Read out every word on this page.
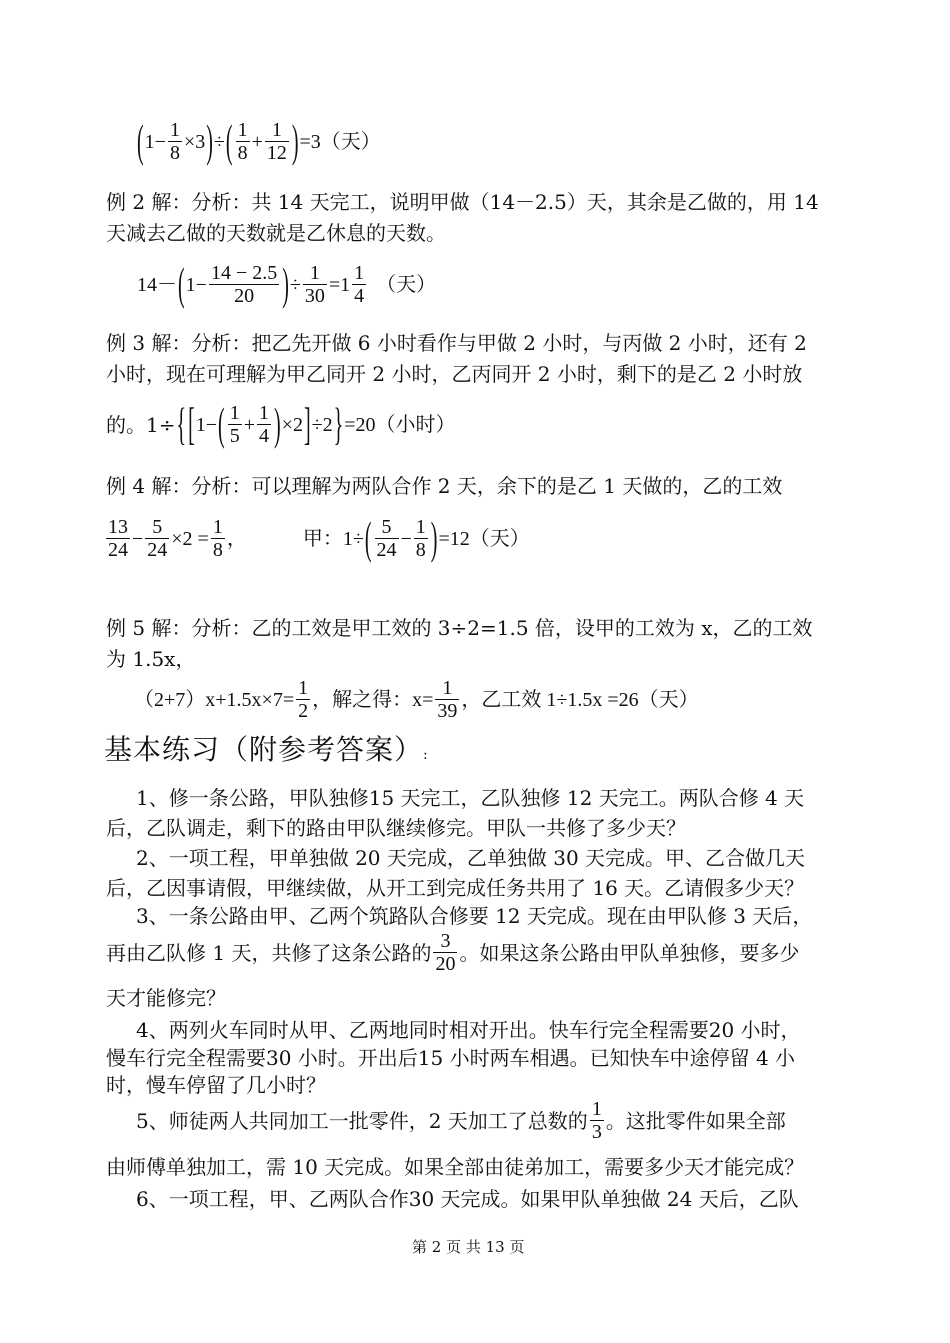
$(1- \frac{1}{8} \times 3)\div( \frac{1}{8} + \frac{1}{12} )=3$（天）
例 2 解：分析：共 14 天完工，说明甲做（14－2.5）天，其余是乙做的，用 14
天减去乙做的天数就是乙休息的天数。
$14-(1- \frac{14 - 2.5}{20}$ )÷ $\frac{1}{30} =1 \frac{1}{4}$ （天）
例 3 解：分析：把乙先开做 6 小时看作与甲做 2 小时，与丙做 2 小时，还有 2
小时，现在可理解为甲乙同开 2 小时，乙丙同开 2 小时，剩下的是乙 2 小时放
的。1÷{ $[1-( \frac{1}{5} + \frac{1}{4} )\times 2]\div 2\}=20$（小时）
例 4 解：分析：可以理解为两队合作 2 天，余下的是乙 1 天做的，乙的工效
$\frac{13}{24} - \frac{5}{24} \times 2 = \frac{1}{8}$ ，	甲：$1\div( \frac{5}{24} - \frac{1}{8} )=12$（天）
例 5 解：分析：乙的工效是甲工效的 3÷2=1.5 倍，设甲的工效为 x，乙的工效
为 1.5x，
$(2+7)x+1.5x\times 7= \frac{1}{2}$ ，解之得：$x= \frac{1}{39}$ ，乙工效 1÷1.5x =26（天）
基本练习（附参考答案）:
1、修一条公路，甲队独修15 天完工，乙队独修 12 天完工。两队合修 4 天
后，乙队调走，剩下的路由甲队继续修完。甲队一共修了多少天？
2、一项工程，甲单独做 20 天完成，乙单独做 30 天完成。甲、乙合做几天
后，乙因事请假，甲继续做，从开工到完成任务共用了 16 天。乙请假多少天？
3、一条公路由甲、乙两个筑路队合修要 12 天完成。现在由甲队修 3 天后，
再由乙队修 1 天，共修了这条公路的 $\frac{3}{20}$ 。如果这条公路由甲队单独修，要多少
天才能修完？
4、两列火车同时从甲、乙两地同时相对开出。快车行完全程需要20 小时，
慢车行完全程需要30 小时。开出后15 小时两车相遇。已知快车中途停留 4 小
时，慢车停留了几小时？
5、师徒两人共同加工一批零件，2 天加工了总数的 $\frac{1}{3}$ 。这批零件如果全部
由师傅单独加工，需 10 天完成。如果全部由徒弟加工，需要多少天才能完成？
6、一项工程，甲、乙两队合作30 天完成。如果甲队单独做 24 天后，乙队
第 2 页 共 13 页
